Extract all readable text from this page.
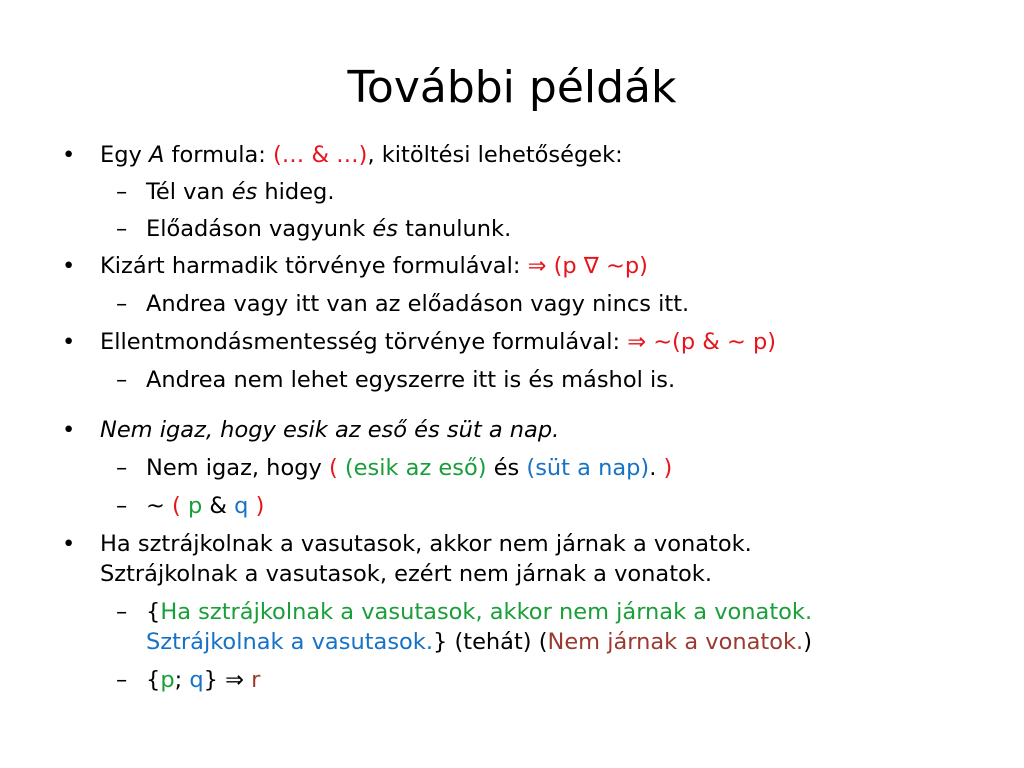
További példák
• Egy A formula: (… & …), kitöltési lehetőségek:
– Tél van és hideg.
– Előadáson vagyunk és tanulunk.
• Kizárt harmadik törvénye formulával: ⇒ (p ∇ ∼p)
– Andrea vagy itt van az előadáson vagy nincs itt.
• Ellentmondásmentesség törvénye formulával: ⇒ ∼(p & ∼ p)
– Andrea nem lehet egyszerre itt is és máshol is.
• Nem igaz, hogy esik az eső és süt a nap.
– Nem igaz, hogy ( (esik az eső) és (süt a nap). )
– ~ ( p & q )
• Ha sztrájkolnak a vasutasok, akkor nem járnak a vonatok.
Sztrájkolnak a vasutasok, ezért nem járnak a vonatok.
– {Ha sztrájkolnak a vasutasok, akkor nem járnak a vonatok.
Sztrájkolnak a vasutasok.} (tehát) (Nem járnak a vonatok.)
– {p; q} ⇒ r
